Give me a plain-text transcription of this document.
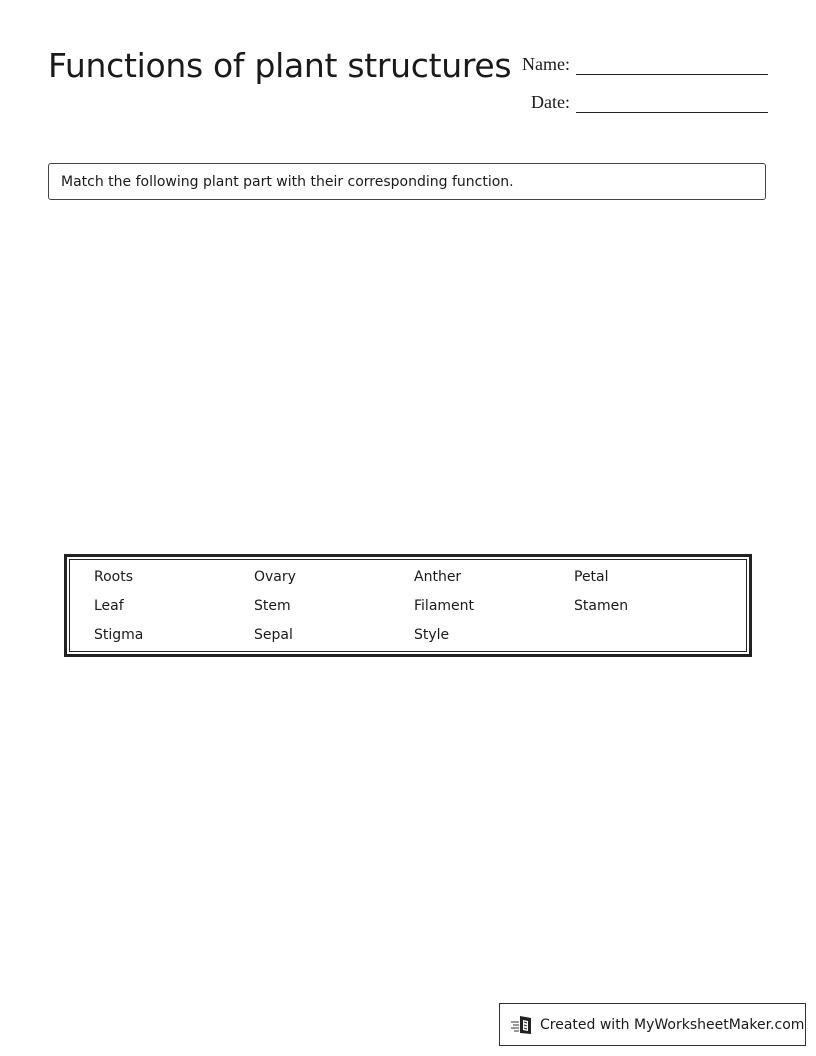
Functions of plant structures Name:
Date:
Match the following plant part with their corresponding function.
Roots	Ovary	Anther	Petal
Leaf	Stem	Filament	Stamen
Stigma	Sepal	Style
Created with MyWorksheetMaker.com
